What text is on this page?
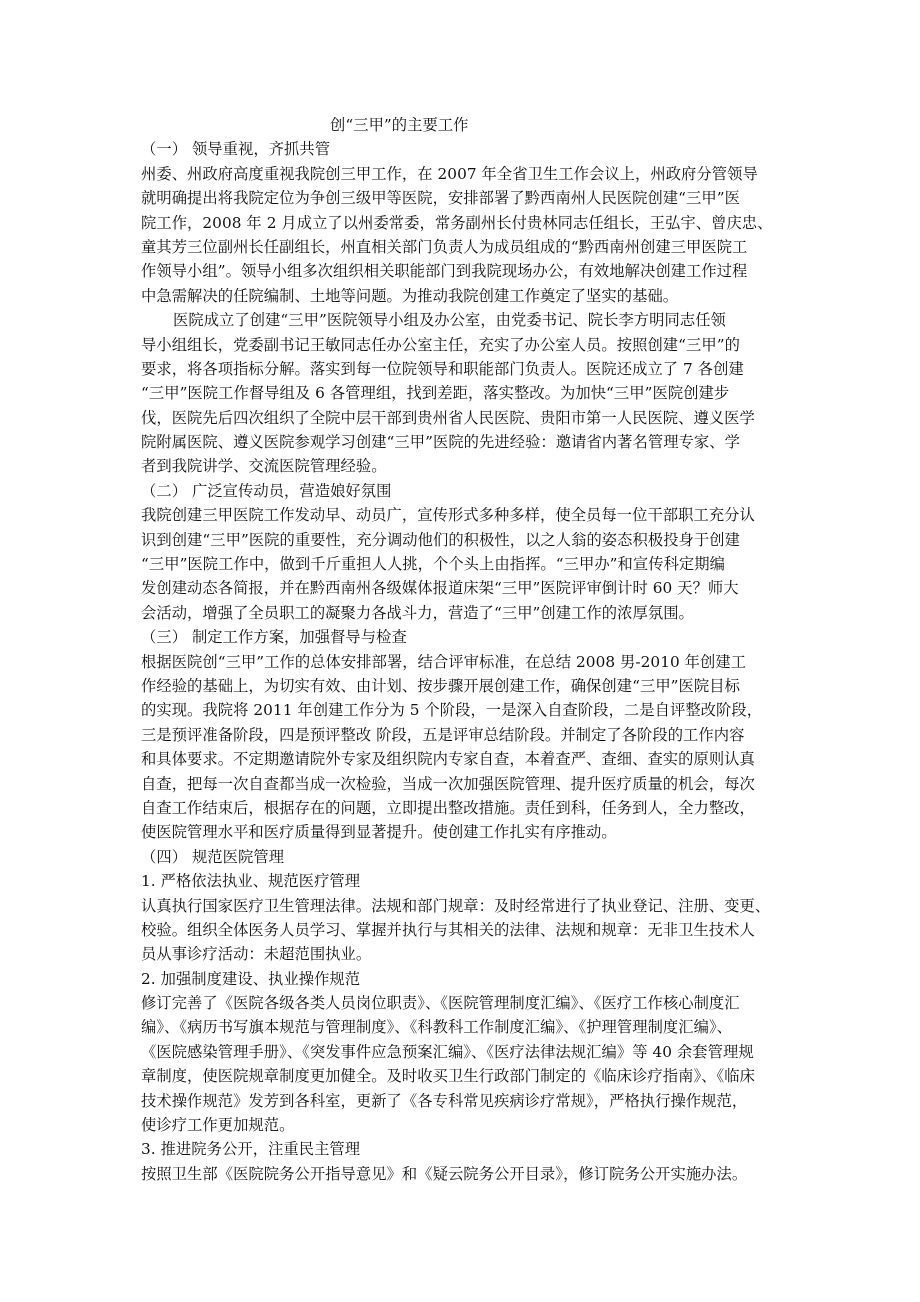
创“三甲”的主要工作
（一） 领导重视，齐抓共管
州委、州政府高度重视我院创三甲工作，在 2007 年全省卫生工作会议上，州政府分管领导
就明确提出将我院定位为争创三级甲等医院，安排部署了黔西南州人民医院创建“三甲”医
院工作，2008 年 2 月成立了以州委常委，常务副州长付贵林同志任组长，王弘宇、曾庆忠、
童其芳三位副州长任副组长，州直相关部门负责人为成员组成的“黔西南州创建三甲医院工
作领导小组”。领导小组多次组织相关职能部门到我院现场办公，有效地解决创建工作过程
中急需解决的任院编制、土地等问题。为推动我院创建工作奠定了坚实的基础。
医院成立了创建“三甲”医院领导小组及办公室，由党委书记、院长李方明同志任领
导小组组长，党委副书记王敏同志任办公室主任，充实了办公室人员。按照创建“三甲”的
要求，将各项指标分解。落实到每一位院领导和职能部门负责人。医院还成立了 7 各创建
“三甲”医院工作督导组及 6 各管理组，找到差距，落实整改。为加快“三甲”医院创建步
伐，医院先后四次组织了全院中层干部到贵州省人民医院、贵阳市第一人民医院、遵义医学
院附属医院、遵义医院参观学习创建“三甲”医院的先进经验：邀请省内著名管理专家、学
者到我院讲学、交流医院管理经验。
（二） 广泛宣传动员，营造娘好氛围
我院创建三甲医院工作发动早、动员广，宣传形式多种多样，使全员每一位干部职工充分认
识到创建“三甲”医院的重要性，充分调动他们的积极性，以之人翁的姿态积极投身于创建
“三甲”医院工作中，做到千斤重担人人挑，个个头上由指挥。“三甲办”和宣传科定期编
发创建动态各简报，并在黔西南州各级媒体报道床架“三甲”医院评审倒计时 60 天？师大
会活动，增强了全员职工的凝聚力各战斗力，营造了“三甲”创建工作的浓厚氛围。
（三） 制定工作方案，加强督导与检查
根据医院创“三甲”工作的总体安排部署，结合评审标准，在总结 2008 男-2010 年创建工
作经验的基础上，为切实有效、由计划、按步骤开展创建工作，确保创建“三甲”医院目标
的实现。我院将 2011 年创建工作分为 5 个阶段，一是深入自查阶段，二是自评整改阶段，
三是预评准备阶段，四是预评整改 阶段，五是评审总结阶段。并制定了各阶段的工作内容
和具体要求。不定期邀请院外专家及组织院内专家自查，本着查严、查细、查实的原则认真
自查，把每一次自查都当成一次检验，当成一次加强医院管理、提升医疗质量的机会，每次
自查工作结束后，根据存在的问题，立即提出整改措施。责任到科，任务到人，全力整改，
使医院管理水平和医疗质量得到显著提升。使创建工作扎实有序推动。
（四） 规范医院管理
1. 严格依法执业、规范医疗管理
认真执行国家医疗卫生管理法律。法规和部门规章：及时经常进行了执业登记、注册、变更、
校验。组织全体医务人员学习、掌握并执行与其相关的法律、法规和规章：无非卫生技术人
员从事诊疗活动：未超范围执业。
2. 加强制度建设、执业操作规范
修订完善了《医院各级各类人员岗位职责》、《医院管理制度汇编》、《医疗工作核心制度汇
编》、《病历书写旗本规范与管理制度》、《科教科工作制度汇编》、《护理管理制度汇编》、
《医院感染管理手册》、《突发事件应急预案汇编》、《医疗法律法规汇编》等 40 余套管理规
章制度，使医院规章制度更加健全。及时收买卫生行政部门制定的《临床诊疗指南》、《临床
技术操作规范》发芳到各科室，更新了《各专科常见疾病诊疗常规》，严格执行操作规范，
使诊疗工作更加规范。
3. 推进院务公开，注重民主管理
按照卫生部《医院院务公开指导意见》和《疑云院务公开目录》，修订院务公开实施办法。
